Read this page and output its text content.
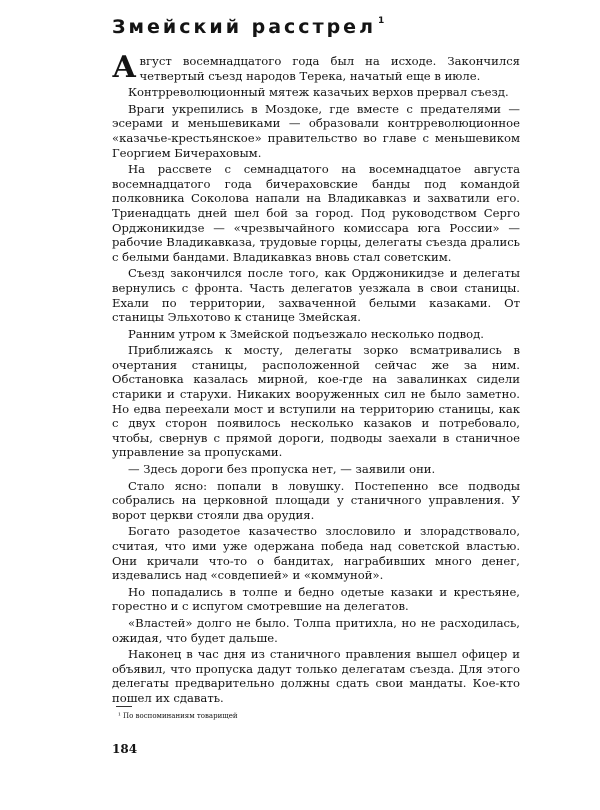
Змейский расстрел $^1$

Август восемнадцатого года был на исходе. Закончился четвертый съезд народов Терека, начатый еще в июле.

Контрреволюционный мятеж казачьих верхов прервал съезд.

Враги укрепились в Моздоке, где вместе с предателями — эсерами и меньшевиками — образовали контрреволюционное «казачье-крестьянское» правительство во главе с меньшевиком Георгием Бичераховым.

На рассвете с семнадцатого на восемнадцатое августа восемнадцатого года бичераховские банды под командой полковника Соколова напали на Владикавказ и захватили его. Триенадцать дней шел бой за город. Под руководством Серго Орджоникидзе — «чрезвычайного комиссара юга России» — рабочие Владикавказа, трудовые горцы, делегаты съезда дрались с белыми бандами. Владикавказ вновь стал советским.

Съезд закончился после того, как Орджоникидзе и делегаты вернулись с фронта. Часть делегатов уезжала в свои станицы. Ехали по территории, захваченной белыми казаками. От станицы Эльхотово к станице Змейская.

Ранним утром к Змейской подъезжало несколько подвод.

Приближаясь к мосту, делегаты зорко всматривались в очертания станицы, расположенной сейчас же за ним. Обстановка казалась мирной, кое-где на завалинках сидели старики и старухи. Никаких вооруженных сил не было заметно. Но едва переехали мост и вступили на территорию станицы, как с двух сторон появилось несколько казаков и потребовало, чтобы, свернув с прямой дороги, подводы заехали в станичное управление за пропусками.

— Здесь дороги без пропуска нет, — заявили они.

Стало ясно: попали в ловушку. Постепенно все подводы собрались на церковной площади у станичного управления. У ворот церкви стояли два орудия.

Богато разодетое казачество злословило и злорадствовало, считая, что ими уже одержана победа над советской властью. Они кричали что-то о бандитах, награбивших много денег, издевались над «совдепией» и «коммуной».

Но попадались в толпе и бедно одетые казаки и крестьяне, горестно и с испугом смотревшие на делегатов.

«Властей» долго не было. Толпа притихла, но не расходилась, ожидая, что будет дальше.

Наконец в час дня из станичного правления вышел офицер и объявил, что пропуска дадут только делегатам съезда. Для этого делегаты предварительно должны сдать свои мандаты. Кое-кто пошел их сдавать.

¹ По воспоминаниям товарищей
184
